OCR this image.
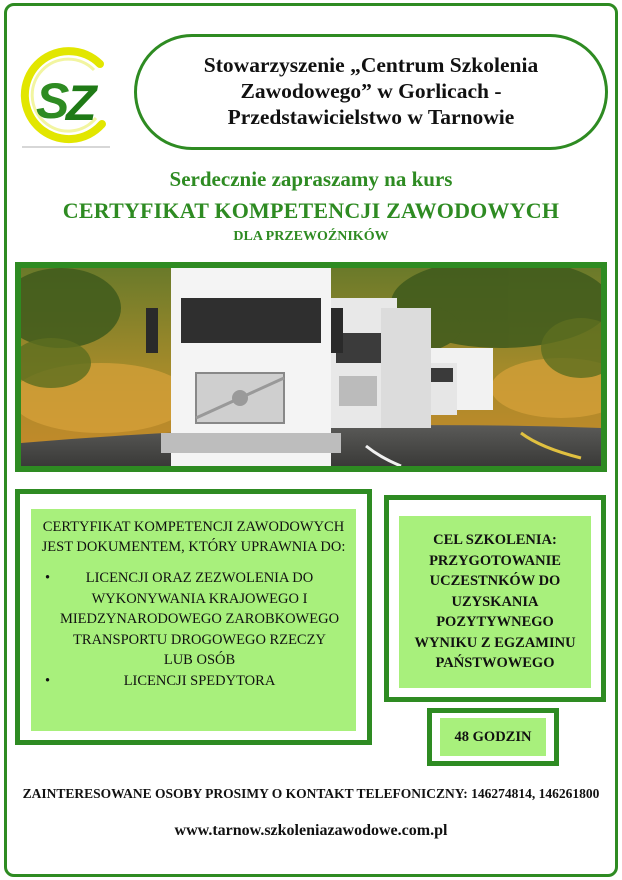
S
Z
Stowarzyszenie „Centrum Szkolenia Zawodowego” w Gorlicach - Przedstawicielstwo w Tarnowie
Serdecznie zapraszamy na kurs
CERTYFIKAT KOMPETENCJI ZAWODOWYCH
DLA PRZEWOŹNIKÓW
CERTYFIKAT KOMPETENCJI ZAWODOWYCH JEST DOKUMENTEM, KTÓRY UPRAWNIA DO:
• LICENCJI ORAZ ZEZWOLENIA DO WYKONYWANIA KRAJOWEGO I MIEDZYNARODOWEGO ZAROBKOWEGO TRANSPORTU DROGOWEGO RZECZY LUB OSÓB
•	LICENCJI SPEDYTORA
CEL SZKOLENIA:
PRZYGOTOWANIE UCZESTNKÓW DO UZYSKANIA POZYTYWNEGO WYNIKU Z EGZAMINU PAŃSTWOWEGO
48 GODZIN
ZAINTERESOWANE OSOBY PROSIMY O KONTAKT TELEFONICZNY: 146274814, 146261800
www.tarnow.szkoleniazawodowe.com.pl
